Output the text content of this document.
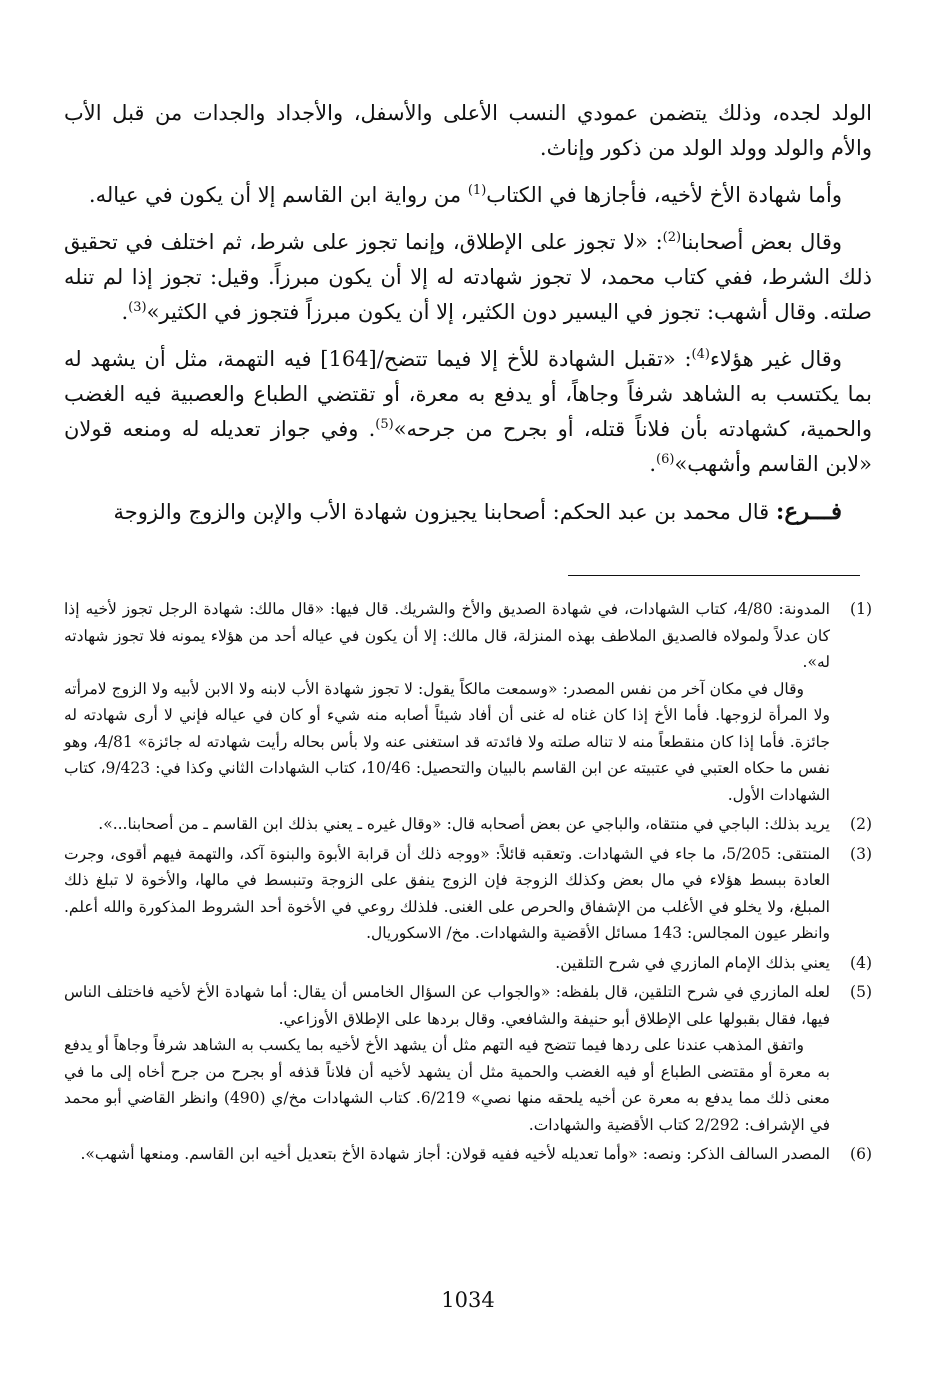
الولد لجده، وذلك يتضمن عمودي النسب الأعلى والأسفل، والأجداد والجدات من قبل الأب والأم والولد وولد الولد من ذكور وإناث.

وأما شهادة الأخ لأخيه، فأجازها في الكتاب$^{(1)}$ من رواية ابن القاسم إلا أن يكون في عياله.

وقال بعض أصحابنا$^{(2)}$: «لا تجوز على الإطلاق، وإنما تجوز على شرط، ثم اختلف في تحقيق ذلك الشرط، ففي كتاب محمد، لا تجوز شهادته له إلا أن يكون مبرزاً. وقيل: تجوز إذا لم تنله صلته. وقال أشهب: تجوز في اليسير دون الكثير، إلا أن يكون مبرزاً فتجوز في الكثير»$^{(3)}$.

وقال غير هؤلاء$^{(4)}$: «تقبل الشهادة للأخ إلا فيما تتضح/[164] فيه التهمة، مثل أن يشهد له بما يكتسب به الشاهد شرفاً وجاهاً، أو يدفع به معرة، أو تقتضي الطباع والعصبية فيه الغضب والحمية، كشهادته بأن فلاناً قتله، أو بجرح من جرحه»$^{(5)}$. وفي جواز تعديله له ومنعه قولان «لابن القاسم وأشهب»$^{(6)}$.

فـــرع: قال محمد بن عبد الحكم: أصحابنا يجيزون شهادة الأب والإبن والزوج والزوجة

(1)

المدونة: 4/80، كتاب الشهادات، في شهادة الصديق والأخ والشريك. قال فيها: «قال مالك: شهادة الرجل تجوز لأخيه إذا كان عدلاً ولمولاه فالصديق الملاطف بهذه المنزلة، قال مالك: إلا أن يكون في عياله أحد من هؤلاء يمونه فلا تجوز شهادته له».

وقال في مكان آخر من نفس المصدر: «وسمعت مالكاً يقول: لا تجوز شهادة الأب لابنه ولا الابن لأبيه ولا الزوج لامرأته ولا المرأة لزوجها. فأما الأخ إذا كان غناه له غنى أن أفاد شيئاً أصابه منه شيء أو كان في عياله فإني لا أرى شهادته له جائزة. فأما إذا كان منقطعاً منه لا تناله صلته ولا فائدته قد استغنى عنه ولا بأس بحاله رأيت شهادته له جائزة» 4/81، وهو نفس ما حكاه العتبي في عتبيته عن ابن القاسم بالبيان والتحصيل: 10/46، كتاب الشهادات الثاني وكذا في: 9/423، كتاب الشهادات الأول.

(2)

يريد بذلك: الباجي في منتقاه، والباجي عن بعض أصحابه قال: «وقال غيره ـ يعني بذلك ابن القاسم ـ من أصحابنا...».

(3)

المنتقى: 5/205، ما جاء في الشهادات. وتعقبه قائلاً: «ووجه ذلك أن قرابة الأبوة والبنوة آكد، والتهمة فيهم أقوى، وجرت العادة ببسط هؤلاء في مال بعض وكذلك الزوجة فإن الزوج ينفق على الزوجة وتنبسط في مالها، والأخوة لا تبلغ ذلك المبلغ، ولا يخلو في الأغلب من الإشفاق والحرص على الغنى. فلذلك روعي في الأخوة أحد الشروط المذكورة والله أعلم. وانظر عيون المجالس: 143 مسائل الأقضية والشهادات. مخ/ الاسكوريال.

(4)

يعني بذلك الإمام المازري في شرح التلقين.

(5)

لعله المازري في شرح التلقين، قال بلفظه: «والجواب عن السؤال الخامس أن يقال: أما شهادة الأخ لأخيه فاختلف الناس فيها، فقال بقبولها على الإطلاق أبو حنيفة والشافعي. وقال بردها على الإطلاق الأوزاعي.

واتفق المذهب عندنا على ردها فيما تتضح فيه التهم مثل أن يشهد الأخ لأخيه بما يكسب به الشاهد شرفاً وجاهاً أو يدفع به معرة أو مقتضى الطباع أو فيه الغضب والحمية مثل أن يشهد لأخيه أن فلاناً قذفه أو بجرح من جرح أخاه إلى ما في معنى ذلك مما يدفع به معرة عن أخيه يلحقه منها نصي» 6/219. كتاب الشهادات مخ/ي (490) وانظر القاضي أبو محمد في الإشراف: 2/292 كتاب الأقضية والشهادات.

(6)

المصدر السالف الذكر: ونصه: «وأما تعديله لأخيه ففيه قولان: أجاز شهادة الأخ بتعديل أخيه ابن القاسم. ومنعها أشهب».

1034
